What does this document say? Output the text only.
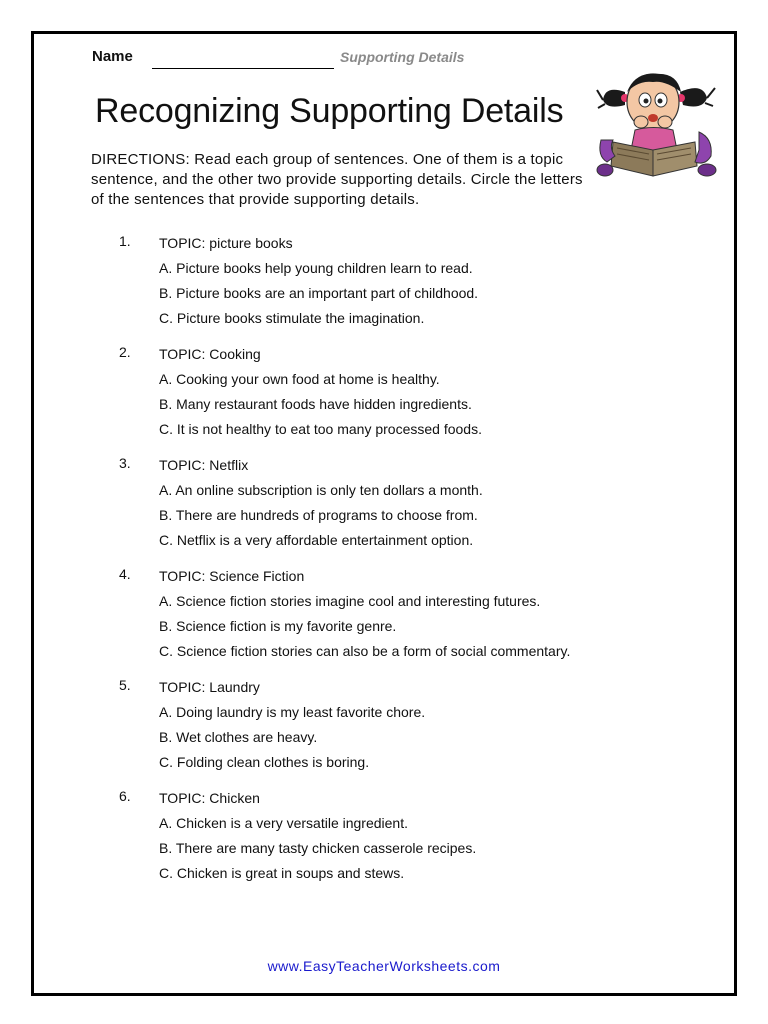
Name	Supporting Details
Recognizing Supporting Details
DIRECTIONS: Read each group of sentences. One of them is a topic sentence, and the other two provide supporting details. Circle the letters of the sentences that provide supporting details.
1. TOPIC: picture books
A. Picture books help young children learn to read.
B. Picture books are an important part of childhood.
C. Picture books stimulate the imagination.
2. TOPIC: Cooking
A. Cooking your own food at home is healthy.
B. Many restaurant foods have hidden ingredients.
C. It is not healthy to eat too many processed foods.
3. TOPIC: Netflix
A. An online subscription is only ten dollars a month.
B. There are hundreds of programs to choose from.
C. Netflix is a very affordable entertainment option.
4. TOPIC: Science Fiction
A. Science fiction stories imagine cool and interesting futures.
B. Science fiction is my favorite genre.
C. Science fiction stories can also be a form of social commentary.
5. TOPIC: Laundry
A. Doing laundry is my least favorite chore.
B. Wet clothes are heavy.
C. Folding clean clothes is boring.
6. TOPIC: Chicken
A. Chicken is a very versatile ingredient.
B. There are many tasty chicken casserole recipes.
C. Chicken is great in soups and stews.
www.EasyTeacherWorksheets.com
